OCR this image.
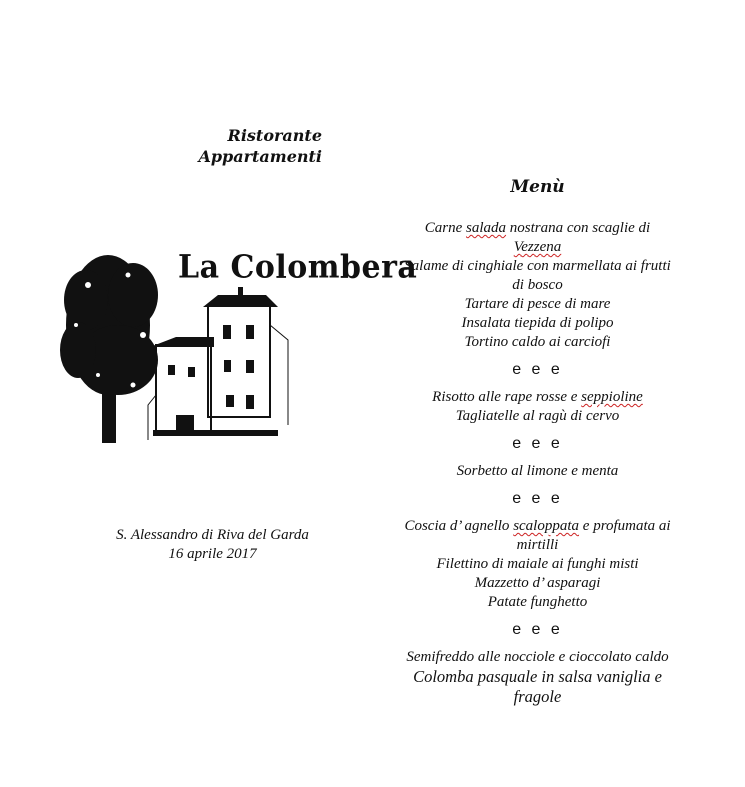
Ristorante
Appartamenti
La Colombera
S. Alessandro di Riva del Garda
16 aprile 2017
Menù
Carne salada nostrana con scaglie di Vezzena
Salame di cinghiale con marmellata ai frutti di bosco
Tartare di pesce di mare
Insalata tiepida di polipo
Tortino caldo ai carciofi
e e e
Risotto alle rape rosse e seppioline
Tagliatelle al ragù di cervo
e e e
Sorbetto al limone e menta
e e e
Coscia d’ agnello scaloppata e profumata ai mirtilli
Filettino di maiale ai funghi misti
Mazzetto d’ asparagi
Patate funghetto
e e e
Semifreddo alle nocciole e cioccolato caldo
Colomba pasquale in salsa vaniglia e fragole
